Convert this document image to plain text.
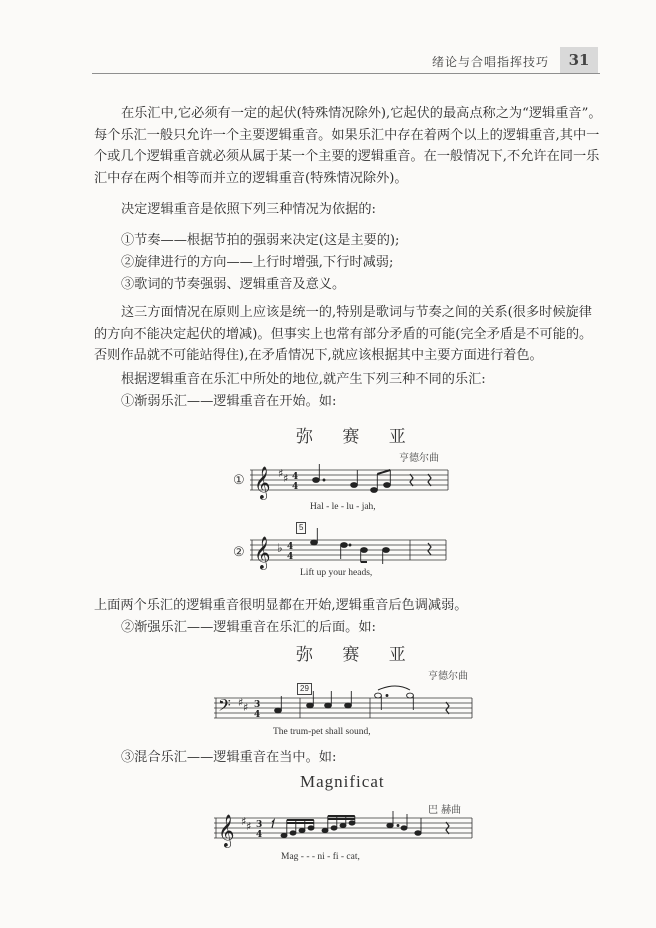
绪论与合唱指挥技巧	31

在乐汇中,它必须有一定的起伏(特殊情况除外),它起伏的最高点称之为“逻辑重音”。每个乐汇一般只允许一个主要逻辑重音。如果乐汇中存在着两个以上的逻辑重音,其中一个或几个逻辑重音就必须从属于某一个主要的逻辑重音。在一般情况下,不允许在同一乐汇中存在两个相等而并立的逻辑重音(特殊情况除外)。

决定逻辑重音是依照下列三种情况为依据的:
①节奏——根据节拍的强弱来决定(这是主要的);
②旋律进行的方向——上行时增强,下行时减弱;
③歌词的节奏强弱、逻辑重音及意义。

这三方面情况在原则上应该是统一的,特别是歌词与节奏之间的关系(很多时候旋律的方向不能决定起伏的增减)。但事实上也常有部分矛盾的可能(完全矛盾是不可能的。否则作品就不可能站得住),在矛盾情况下,就应该根据其中主要方面进行着色。

根据逻辑重音在乐汇中所处的地位,就产生下列三种不同的乐汇:
①渐弱乐汇——逻辑重音在开始。如:
弥 赛 亚
亨德尔曲
① 𝄞 ♯ ♯ 4
4
Hal - le - lu - jah,
5
② 𝄞 ♭ 4
4
Lift up your heads,
上面两个乐汇的逻辑重音很明显都在开始,逻辑重音后色调减弱。
②渐强乐汇——逻辑重音在乐汇的后面。如:
弥 赛 亚
亨德尔曲
29
𝄢 ♯ ♯ 3
4
The trum-pet shall sound,
③混合乐汇——逻辑重音在当中。如:
Magnificat
巴 赫曲
𝄞 ♯ ♯ 3
4
Mag - - - ni - fi - cat,
